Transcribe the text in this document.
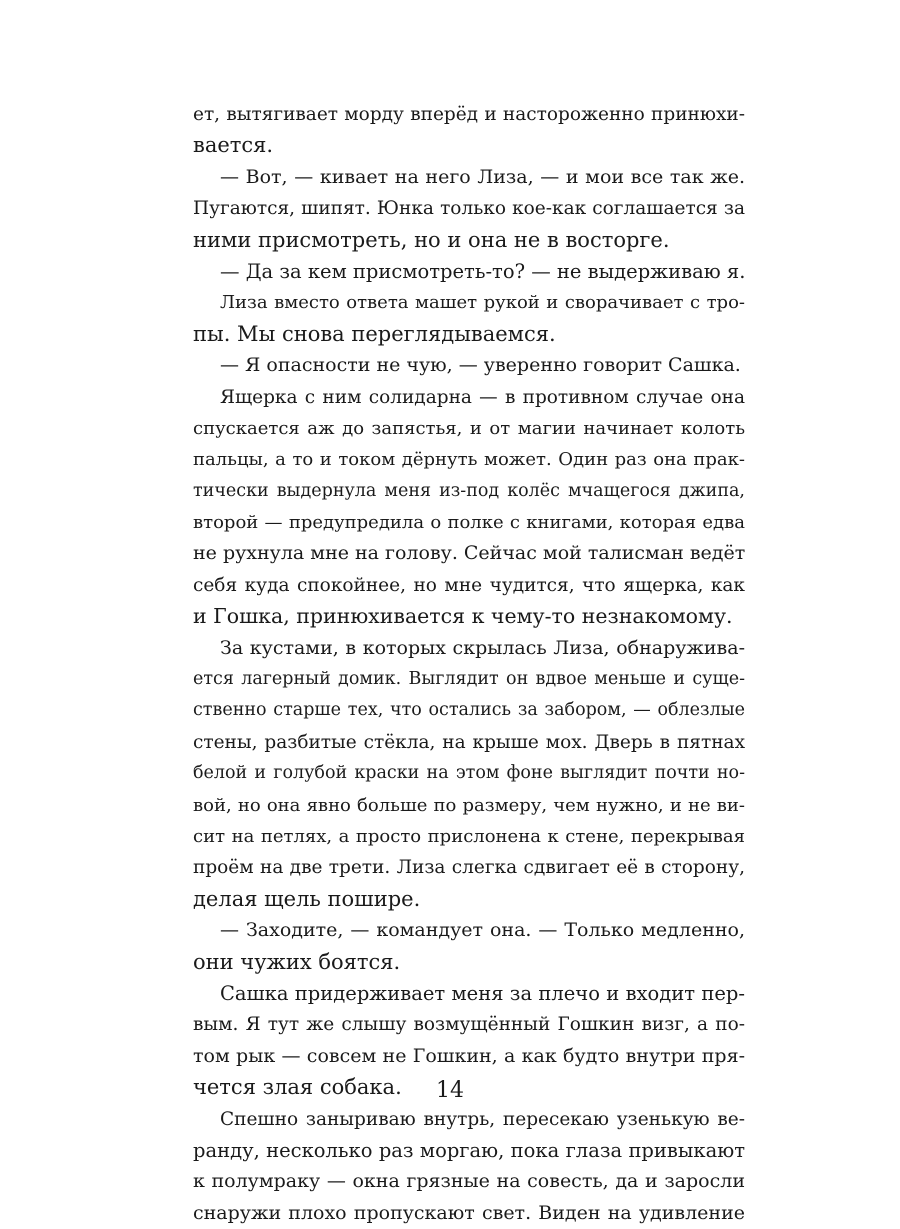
ет, вытягивает морду вперёд и настороженно принюхи-
вается.
— Вот, — кивает на него Лиза, — и мои все так же.
Пугаются, шипят. Юнка только кое-как соглашается за
ними присмотреть, но и она не в восторге.
— Да за кем присмотреть-то? — не выдерживаю я.
Лиза вместо ответа машет рукой и сворачивает с тро-
пы. Мы снова переглядываемся.
— Я опасности не чую, — уверенно говорит Сашка.
Ящерка с ним солидарна — в противном случае она
спускается аж до запястья, и от магии начинает колоть
пальцы, а то и током дёрнуть может. Один раз она прак-
тически выдернула меня из-под колёс мчащегося джипа,
второй — предупредила о полке с книгами, которая едва
не рухнула мне на голову. Сейчас мой талисман ведёт
себя куда спокойнее, но мне чудится, что ящерка, как
и Гошка, принюхивается к чему-то незнакомому.
За кустами, в которых скрылась Лиза, обнаруживa-
ется лагерный домик. Выглядит он вдвое меньше и суще-
ственно старше тех, что остались за забором, — облезлые
стены, разбитые стёкла, на крыше мох. Дверь в пятнах
белой и голубой краски на этом фоне выглядит почти но-
вой, но она явно больше по размеру, чем нужно, и не ви-
сит на петлях, а просто прислонена к стене, перекрывая
проём на две трети. Лиза слегка сдвигает её в сторону,
делая щель пошире.
— Заходите, — командует она. — Только медленно,
они чужих боятся.
Сашка придерживает меня за плечо и входит пер-
вым. Я тут же слышу возмущённый Гошкин визг, а по-
том рык — совсем не Гошкин, а как будто внутри пря-
чется злая собака.
Спешно заныриваю внутрь, пересекаю узенькую ве-
ранду, несколько раз моргаю, пока глаза привыкают
к полумраку — окна грязные на совесть, да и заросли
снаружи плохо пропускают свет. Виден на удивление
14
